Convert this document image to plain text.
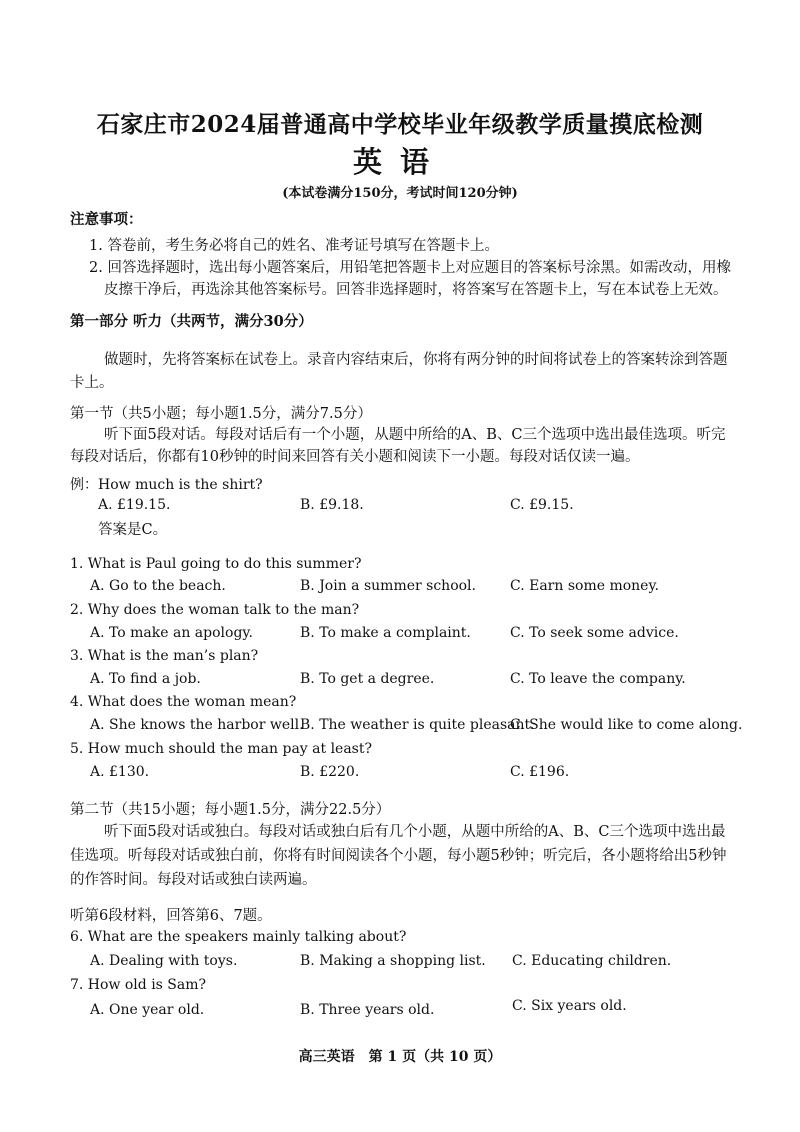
石家庄市2024届普通高中学校毕业年级教学质量摸底检测
英语
(本试卷满分150分，考试时间120分钟)
注意事项：
1. 答卷前，考生务必将自己的姓名、准考证号填写在答题卡上。
2. 回答选择题时，选出每小题答案后，用铅笔把答题卡上对应题目的答案标号涂黑。如需改动，用橡
皮擦干净后，再选涂其他答案标号。回答非选择题时，将答案写在答题卡上，写在本试卷上无效。
第一部分 听力（共两节，满分30分）
做题时，先将答案标在试卷上。录音内容结束后，你将有两分钟的时间将试卷上的答案转涂到答题
卡上。
第一节（共5小题；每小题1.5分，满分7.5分）
听下面5段对话。每段对话后有一个小题，从题中所给的A、B、C三个选项中选出最佳选项。听完
每段对话后，你都有10秒钟的时间来回答有关小题和阅读下一小题。每段对话仅读一遍。
例：How much is the shirt?
A. £19.15.	B. £9.18.	C. £9.15.
答案是C。
1. What is Paul going to do this summer?
A. Go to the beach.	B. Join a summer school. C. Earn some money.
2. Why does the woman talk to the man?
A. To make an apology.	B. To make a complaint.	C. To seek some advice.
3. What is the man’s plan?
A. To find a job.	B. To get a degree.	C. To leave the company.
4. What does the woman mean?
A. She knows the harbor well.
B. The weather is quite pleasant.
C. She would like to come along.
5. How much should the man pay at least?
A. £130.	B. £220.	C. £196.
第二节（共15小题；每小题1.5分，满分22.5分）
听下面5段对话或独白。每段对话或独白后有几个小题，从题中所给的A、B、C三个选项中选出最
佳选项。听每段对话或独白前，你将有时间阅读各个小题，每小题5秒钟；听完后，各小题将给出5秒钟
的作答时间。每段对话或独白读两遍。
听第6段材料，回答第6、7题。
6. What are the speakers mainly talking about?
A. Dealing with toys.	B. Making a shopping list. C. Educating children.
7. How old is Sam?
A. One year old.	B. Three years old.	C. Six years old.
高三英语　第 1 页（共 10 页）
